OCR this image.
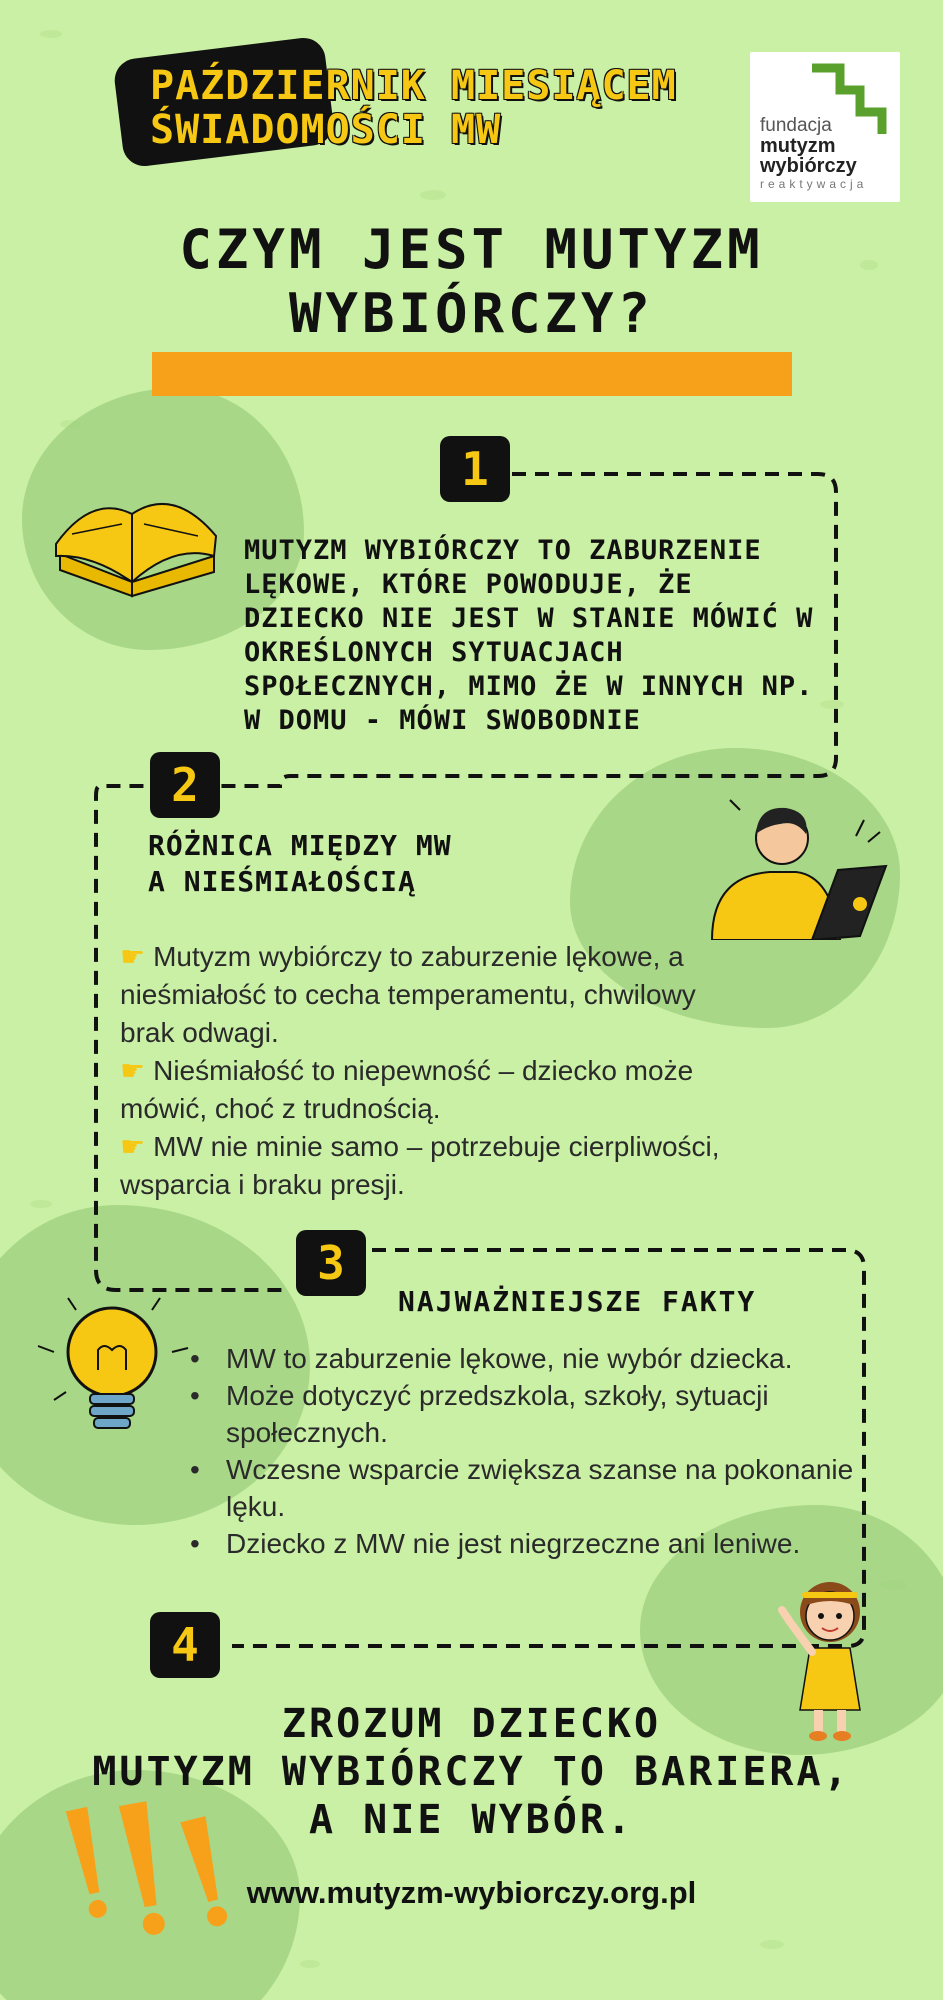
PAŹDZIERNIK MIESIĄCEM
ŚWIADOMOŚCI MW	fundacja
mutyzm
wybiórczy
reaktywacja
CZYM JEST MUTYZM
WYBIÓRCZY?
1
2
3
4
MUTYZM WYBIÓRCZY TO ZABURZENIE LĘKOWE, KTÓRE POWODUJE, ŻE DZIECKO NIE JEST W STANIE MÓWIĆ W OKREŚLONYCH SYTUACJACH SPOŁECZNYCH, MIMO ŻE W INNYCH NP. W DOMU - MÓWI SWOBODNIE
RÓŻNICA MIĘDZY MW
A NIEŚMIAŁOŚCIĄ
☛ Mutyzm wybiórczy to zaburzenie lękowe, a nieśmiałość to cecha temperamentu, chwilowy brak odwagi.
☛ Nieśmiałość to niepewność – dziecko może mówić, choć z trudnością.
☛ MW nie minie samo – potrzebuje cierpliwości, wsparcia i braku presji.
NAJWAŻNIEJSZE FAKTY
• MW to zaburzenie lękowe, nie wybór dziecka.
• Może dotyczyć przedszkola, szkoły, sytuacji społecznych.
• Wczesne wsparcie zwiększa szanse na pokonanie lęku.
• Dziecko z MW nie jest niegrzeczne ani leniwe.
ZROZUM DZIECKO
MUTYZM WYBIÓRCZY TO BARIERA,
A NIE WYBÓR.
www.mutyzm-wybiorczy.org.pl
